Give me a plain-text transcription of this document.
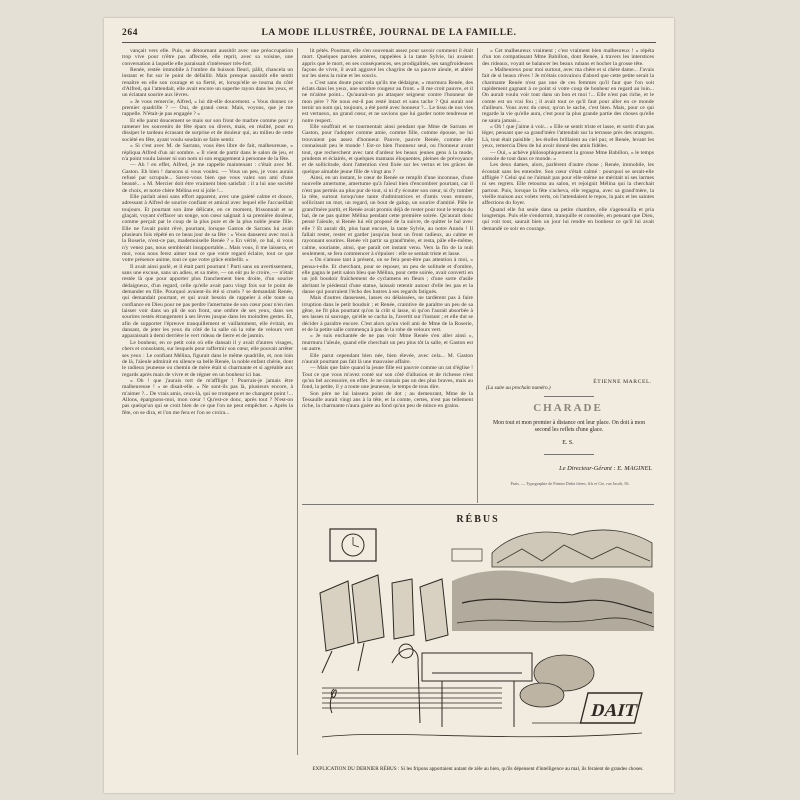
264	LA MODE ILLUSTRÉE, JOURNAL DE LA FAMILLE.

vançait vers elle. Puis, se détournant aussitôt avec une préoccupation trop vive pour n'être pas affectée, elle reprit, avec sa voisine, une conversation à laquelle elle paraissait s'intéresser très-fort.

Renée, restée immobile à l'ombre du buisson fleuri, pâlit, chancela un instant et fut sur le point de défaillir. Mais presque aussitôt elle sentit renaître en elle son courage et sa fierté, et, lorsqu'elle se tourna du côté d'Alfred, qui l'attendait, elle avait encore un superbe rayon dans les yeux, et un éclatant sourire aux lèvres.

« Je vous remercie, Alfred, » lui dit-elle doucement. « Vous donnez ce premier quadrille ? — Oui, de grand cœur. Mais, voyons, que je me rappelle. N'était-je pas engagée ? »

Et elle parut doucement se mais sur son front de marbre comme pour y ramener les souvenirs de fête épars ou divers, mais, en réalité, pour en dissiper le tardeau écrasant de surprise et de douleur qui, au milieu de cette société en fête, ayant voulu soudain se faire sentir.

« Si c'est avec M. de Sarrans, vous êtes libre de fait, malheureuse, » répliqua Alfred d'un air sombre. « Il vient de partir dans le salon de jeu, et n'a point voulu laisser ni son nom ni son engagement à personne de la fête.

— Ah ! en effet, Alfred, je me rappelle maintenant : c'était avec M. Gaston. Eh bien ! dansons si vous voulez. — Vous un peu, je vous aurais refusé par scrupule... Savez-vous bien que vous valez son ami d'une beauté... » M. Mercier doit être vraiment bien satisfait : il a lui une société de choix, et notre chère Mélina est si jolie !...

Elle parlait ainsi sans effort apparent, avec une gaieté calme et douce, adressant à Alfred de sourire confiant et amical avec lequel elle l'accueillait toujours. Et pourtant son âme délicate, en ce moment, frissonnait et se glaçait, voyant s'effacer un songe, son cœur saignait à sa première douleur, comme perçait par le coup de la plus pure et de la plus noble jeune fille. Elle ne l'avait point rêvé, pourtant, lorsque Gaston de Sarrans lui avait plusieurs fois répété en ce beau jour de sa fête : « Vous danserez avec moi à la Roserie, n'est-ce pas, mademoiselle Renée ? » En vérité, ce bal, si vous n'y venez pas, nous semblerait insupportable... Mais vous, il me laissera, et moi, vous nous ferez aimer tout ce que votre regard éclaire, tout ce que votre présence anime, tout ce que votre grâce embellit. »

Il avait ainsi parlé, et il était parti pourtant ! Parti sans un avertissement, sans une excuse, sans un adieu, et sa mère, — on eût pu le croire, — n'était restée là que pour apporter plus franchement bien droite, d'un sourire dédaigneux, d'un regard, celle qu'elle avait paru vingt fois sur le point de demander en fille. Pourquoi avaient-ils été si cruels ? se demandait Renée, qui demandait pourtant, et qui avait besoin de rappeler à elle toute sa confiance en Dieu pour ne pas perdre l'amertume de son cœur pour n'en rien laisser voir dans un pli de son front, une ombre de ses yeux, dans ses sourires restés étrangement à ses lèvres jusque dans les moindres gestes. Et, afin de supporter l'épreuve tranquillement et vaillamment, elle évitait, en dansant, de jeter les yeux du côté de la salle où la robe de velours vert apparaissait à demi derrière le vert rideau de lierre et de jasmin.

Le bonheur, en ce petit coin où elle dansait il y avait d'autres visages, chers et consolants, sur lesquels pour raffermir son cœur, elle pouvait arrêter ses yeux : Le confiant Mélina, figurait dans le même quadrille, et, non loin de là, l'aïeule admirait en silence sa belle Renée, la noble enfant chérie, dont le radieux jeunesse ou chemin de mère était si charmante et si agréable aux regards après mais de vivre et de régner en un bonheur ici bas.

« Oh ! que j'aurais tort de m'affliger ! Pourrais-je jamais être malheureuse ! » se disait-elle. « Ne sont-ils pas là, plusieurs encore, à m'aimer ?... De vrais amis, ceux-là, qui ne trompent et ne changent point !... Allons, épargnons-moi, mon cœur ! Qu'est-ce donc, après tout ? N'est-on pas quelqu'un qui se croit bien de ce que l'on ne peut empêcher. » Après la fête, on se dira, et l'on me fera et l'on se croira...

lit pétés. Pourtant, elle s'en souvenait assez pour savoir comment il était mort. Quelques paroles amères, rappelées à la tante Sylvie, lui avaient appris que le mort, en ses conséquences, ses prodigalités, ses sangfroideuses façons de vivre, il avait aggravé les chagrins de sa pauvre aïeule, et altéré sur les siens la ruine et les soucis.

« C'est sans doute pour cela qu'ils me dédaigne, » murmura Renée, des éclats dans les yeux, une sombre rougeur au front. « Il me croit pauvre, et il ne m'aime point... Qu'aurait-on pu attaquer seigneur contre l'honneur de mon père ? Ne nous est-il pas resté intact et sans tache ? Qui aurait osé ternir un nom qui, toujours, a été porté avec honneur ?... Le tissu de nos vies est vertueux, un grand cœur, et ne savions que lui garder notre tendresse et notre respect.

Elle souffrait et se tourmentait ainsi pendant que Mme de Sarrans et Gaston, pour l'adopter comme amie, comme fille, comme épouse, ne lui trouvaient pas assez d'honneur. Pauvre, pauvre Renée, comme elle connaissait peu le monde ! Est-ce bien l'honneur seul, ou l'honneur avant tout, que recherchent avec tant d'ardeur les beaux jeunes gens à la mode, prudents et éclairés, et quelques mamans éloquentes, pleines de prévoyance et de sollicitude, dont l'attention s'est fixée sur les vertus et les grâces de quelque aimable jeune fille de vingt ans ?

Ainsi, en un instant, le cœur de Renée se remplit d'une inconnue, d'une nouvelle amertume, amertume qu'à l'aïeul bien d'encombrer pourtant, car il n'est pas permis au plus pur de tout, si ni d'y écouter son cœur, ni d'y tomber la tête, surtout lorsqu'une tante d'admiratrices et d'amis vous entoure, sollicitant un mot, un regard, un bout de galop, un sourire d'amitié. Pâle le grand'mère partit, et Renée avait promis déjà de rester pour tout le temps du bal, de ne pas quitter Mélina pendant cette première soirée. Qu'aurait donc pensé l'aïeule, si Renée lui eût proposé de la suivre, de quitter le bal avec elle ? Et aurait dit, plus haut encore, la tante Sylvie, au notre Annéa ! Il fallait rester, rester et garder jusqu'au bout un front radieux, au calme et rayonnant sourires. Renée vit partir sa grand'mère, et resta, pâle elle-même, calme, souriante, ainsi, que paraît cet instant venu. Vers la fin de la nuit seulement, se fera commencer à s'épuiser : elle se sentait triste et lasse.

« On s'amuse tant à présent, on se fera peut-être pas attention à moi, » pensa-t-elle. Et cherchant, pour se reposer, un peu de solitude et d'ombre, elle gagna le petit salon bleu que Mélina, pour cette soirée, avait converti en un joli boudoir fraîchement de cyclamens en fleurs ; d'une sorte d'asile abritant le piédestal d'une statue, laissait retentir autour d'elle les pas et la danse qui pourraient l'écho des lustres à ses regards fatigués.

Mais d'autres danseuses, lasses ou délaissées, ne tardèrent pas à faire irruption dans le petit boudoir ; et Renée, craintive de paraître un peu de sa gêne, ne fit plus pourtant qu'on la crût si lasse, ni qu'on l'aurait absorbée à ses lasses ni sauvage, qu'elle se cacha la, l'avertit sur l'instant ; et elle dut se décider à paraître encore. C'est alors qu'un vieil ami de Mme de la Roserie, et de la petite salle commença à pas de la robe de velours vert.

« Je suis enchantée de ne pas voir Mme Renée s'en aller ainsi », murmura l'aïeule, quand elle cherchait un peu plus tôt la salle, et Gaston est un autre.

Elle parut cependant bien née, bien élevée, avec cela... M. Gaston n'aurait pourtant pas fait là une mauvaise affaire.

— Mais que faire quand la jeune fille est pauvre comme un rat d'église ! Tout ce que vous m'avez conté sur son côté d'allusion et de richesse n'est qu'un bel accessoire, en effet. Je ne connais pas un des plus braves, mais au fond, la petite, il y a toute une jeunesse, le temps de tous dire.

Son père ne lui laissera point de dot ; au demeurant, Mme de la Tessaulle aurait vingt ans à la tête, et la comte, certes, n'est pas tellement riche, la charmante n'aura guère au fond qu'un peu de mince en grains.

« Cet malheureux vraiment ; c'est vraiment bien malheureux ! » répéta d'un ton compatissant Mme Babillon, dont Renée, à travers les interstices des rideaux, voyait se balancer les beaux rubans et hocher la grosse tête.

« Malheureux pour moi surtout, avec ma chère et si chère dame... J'avais fait de si beaux rêves ! Je m'étais convaincu d'abord que cette petite serait la charmante Renée n'est pas une de ces femmes qu'il faut que l'on soit rapidement gagnant à ce point si votre coup de bonheur en regard au loin... On aurait voulu voir tout dans un bon et moi !... Elle n'est pas riche, et le comte est un vrai fou ; il avait tout ce qu'il faut pour aller en ce monde d'ailleurs. Vous avez du cœur, qu'on le sache, c'est bien. Mais, pour ce qui regarde la vie qu'elle aura, c'est pour la plus grande partie des choses qu'elle ne saura jamais...

« Oh ! que j'aime à voir... » Elle se sentit triste et lasse, et sortit d'un pas léger, pensant que sa grand'mère l'attendait sur la terrasse près des orangers. Là, tout était paisible ; les étoiles brillaient au ciel pur, et Renée, levant les yeux, remercia Dieu de lui avoir donné des amis fidèles.

— Oui, » achève philosophiquement la grosse Mme Babillon, « le temps console de tout dans ce monde. »

Les deux dames, alors, parlèrent d'autre chose ; Renée, immobile, les écoutait sans les entendre. Son cœur s'était calmé : pourquoi se serait-elle affligée ? Celui qui ne l'aimait pas pour elle-même ne méritait ni ses larmes ni ses regrets. Elle retourna au salon, et rejoignit Mélina qui la cherchait partout. Puis, lorsque la fête s'acheva, elle regagna, avec sa grand'mère, la vieille maison aux volets verts, où l'attendaient le repos, la paix et les saintes affections du foyer.

Quand elle fut seule dans sa petite chambre, elle s'agenouilla et pria longtemps. Puis elle s'endormit, tranquille et consolée, en pensant que Dieu, qui voit tout, saurait bien un jour lui rendre en bonheur ce qu'il lui avait demandé ce soir en courage.

ÉTIENNE MARCEL.
(La suite au prochain numéro.)
CHARADE
Mon tout et mon premier à distance ont leur place. On doit à mon second les reflets d'une glace.
E. S.
Le Directeur-Gérant : E. MAGINEL
Paris. — Typographie de Firmin Didot frères, fils et Cie, rue Jacob, 56.
RÉBUS
DAIT
EXPLICATION DU DERNIER RÉBUS : Si les fripons apportaient autant de zèle au bien, qu'ils dépensent d'intelligence au mal, ils feraient de grandes choses.
